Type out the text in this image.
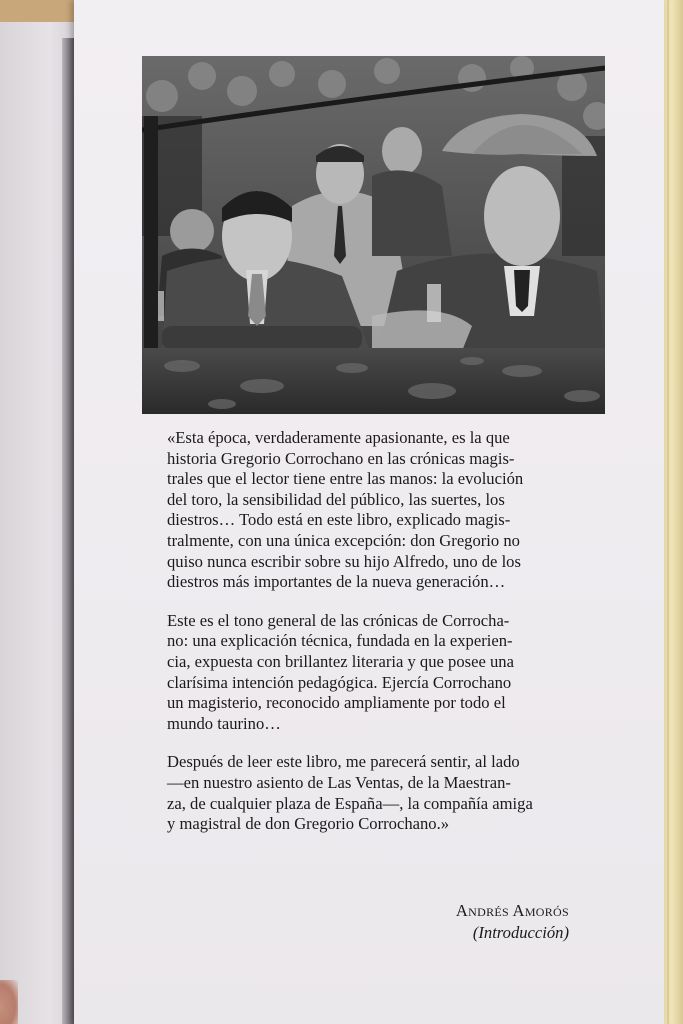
«Esta época, verdaderamente apasionante, es la que
historia Gregorio Corrochano en las crónicas magis-
trales que el lector tiene entre las manos: la evolución
del toro, la sensibilidad del público, las suertes, los
diestros… Todo está en este libro, explicado magis-
tralmente, con una única excepción: don Gregorio no
quiso nunca escribir sobre su hijo Alfredo, uno de los
diestros más importantes de la nueva generación…

Este es el tono general de las crónicas de Corrocha-
no: una explicación técnica, fundada en la experien-
cia, expuesta con brillantez literaria y que posee una
clarísima intención pedagógica. Ejercía Corrochano
un magisterio, reconocido ampliamente por todo el
mundo taurino…

Después de leer este libro, me parecerá sentir, al lado
—en nuestro asiento de Las Ventas, de la Maestran-
za, de cualquier plaza de España—, la compañía amiga
y magistral de don Gregorio Corrochano.»

Andrés Amorós
(Introducción)
